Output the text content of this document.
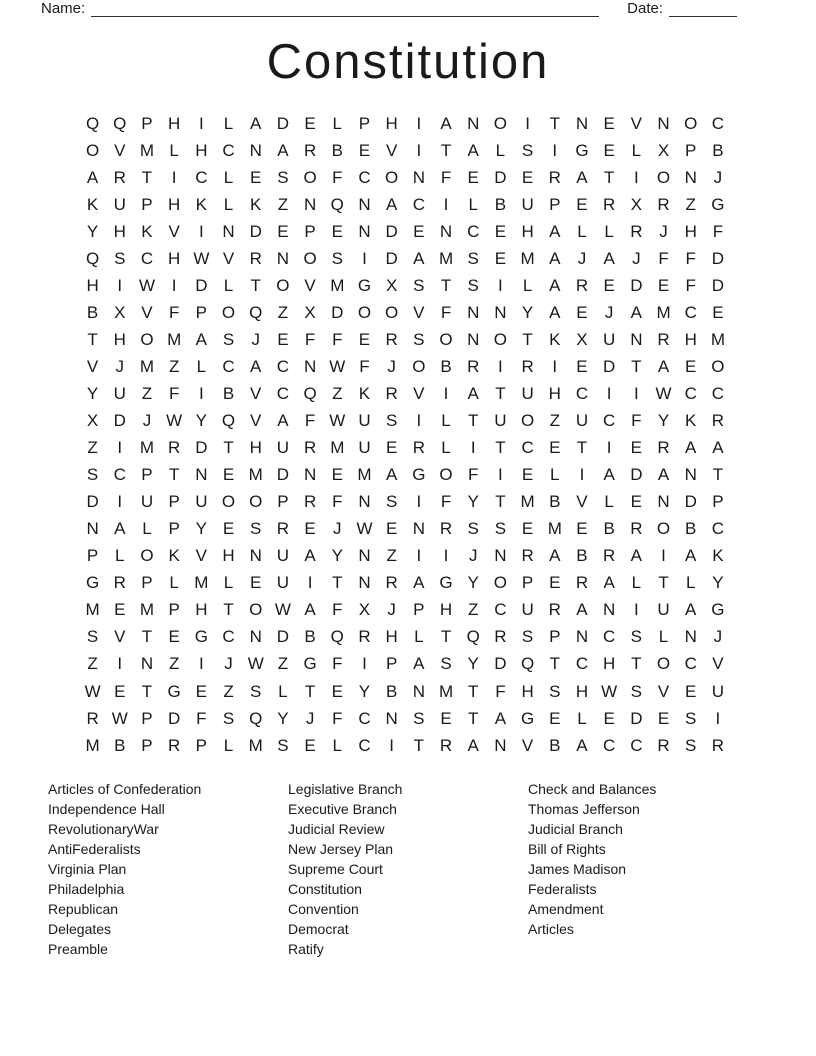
Name:	Date:
Constitution
Q Q P H	I	L A D E L P H	I	A N O	I	T N E V N O C
O V M L H C N A R B E V	I	T A L S	I	G E L X P B
A R T	I	C L E S O F C O N F E D E R A T	I	O N J
K U P H K L K Z N Q N A C	I	L B U P E R X R Z G
Y H K V	I	N D E P E N D E N C E H A L	L R J H F
Q S C H W V R N O S	I	D A M S E M A	J	A	J	F F D
H	I W I	D L	T O V M G X S T S	I	L A R E D E F D
B X V F P O Q Z X D O O V F N N Y A E	J	A M C E
T H O M A S	J	E F F E R S O N O T K X U N R H M
V	J M Z	L C A C N W F	J O B R	I	R	I	E D T A E O
Y U Z F	I	B V C Q Z K R V	I	A T U H C	I	I W C C
X D J W Y Q V A F W U S	I	L	T U O Z U C F Y K R
Z	I	M R D T H U R M U E R L	I	T C E T	I	E R A A
S C P T N E M D N E M A G O F	I	E L	I	A D A N T
D	I	U P U O O P R F N S	I	F Y T M B V L E N D P
N A L P Y E S R E	J W E N R S S E M E B R O B C
P L O K V H N U A Y N Z	I	I	J N R A B R A	I	A K
G R P L M L E U	I	T N R A G Y O P E R A L	T	L Y
M E M P H T O W A F X	J	P H Z C U R A N	I	U A G
S V T E G C N D B Q R H L	T Q R S P N C S L N J
Z	I	N Z	I	J W Z G F	I	P A S Y D Q T C H T O C V
W E T G E Z S L	T E Y B N M T F H S H W S V E U
R W P D F S Q Y	J	F C N S E T A G E L E D E S	I
M B P R P L M S E L C	I	T R A N V B A C C R S R
Articles of Confederation
Independence Hall
RevolutionaryWar
AntiFederalists
Virginia Plan
Philadelphia
Republican
Delegates
Preamble
Legislative Branch
Executive Branch
Judicial Review
New Jersey Plan
Supreme Court
Constitution
Convention
Democrat
Ratify
Check and Balances
Thomas Jefferson
Judicial Branch
Bill of Rights
James Madison
Federalists
Amendment
Articles
